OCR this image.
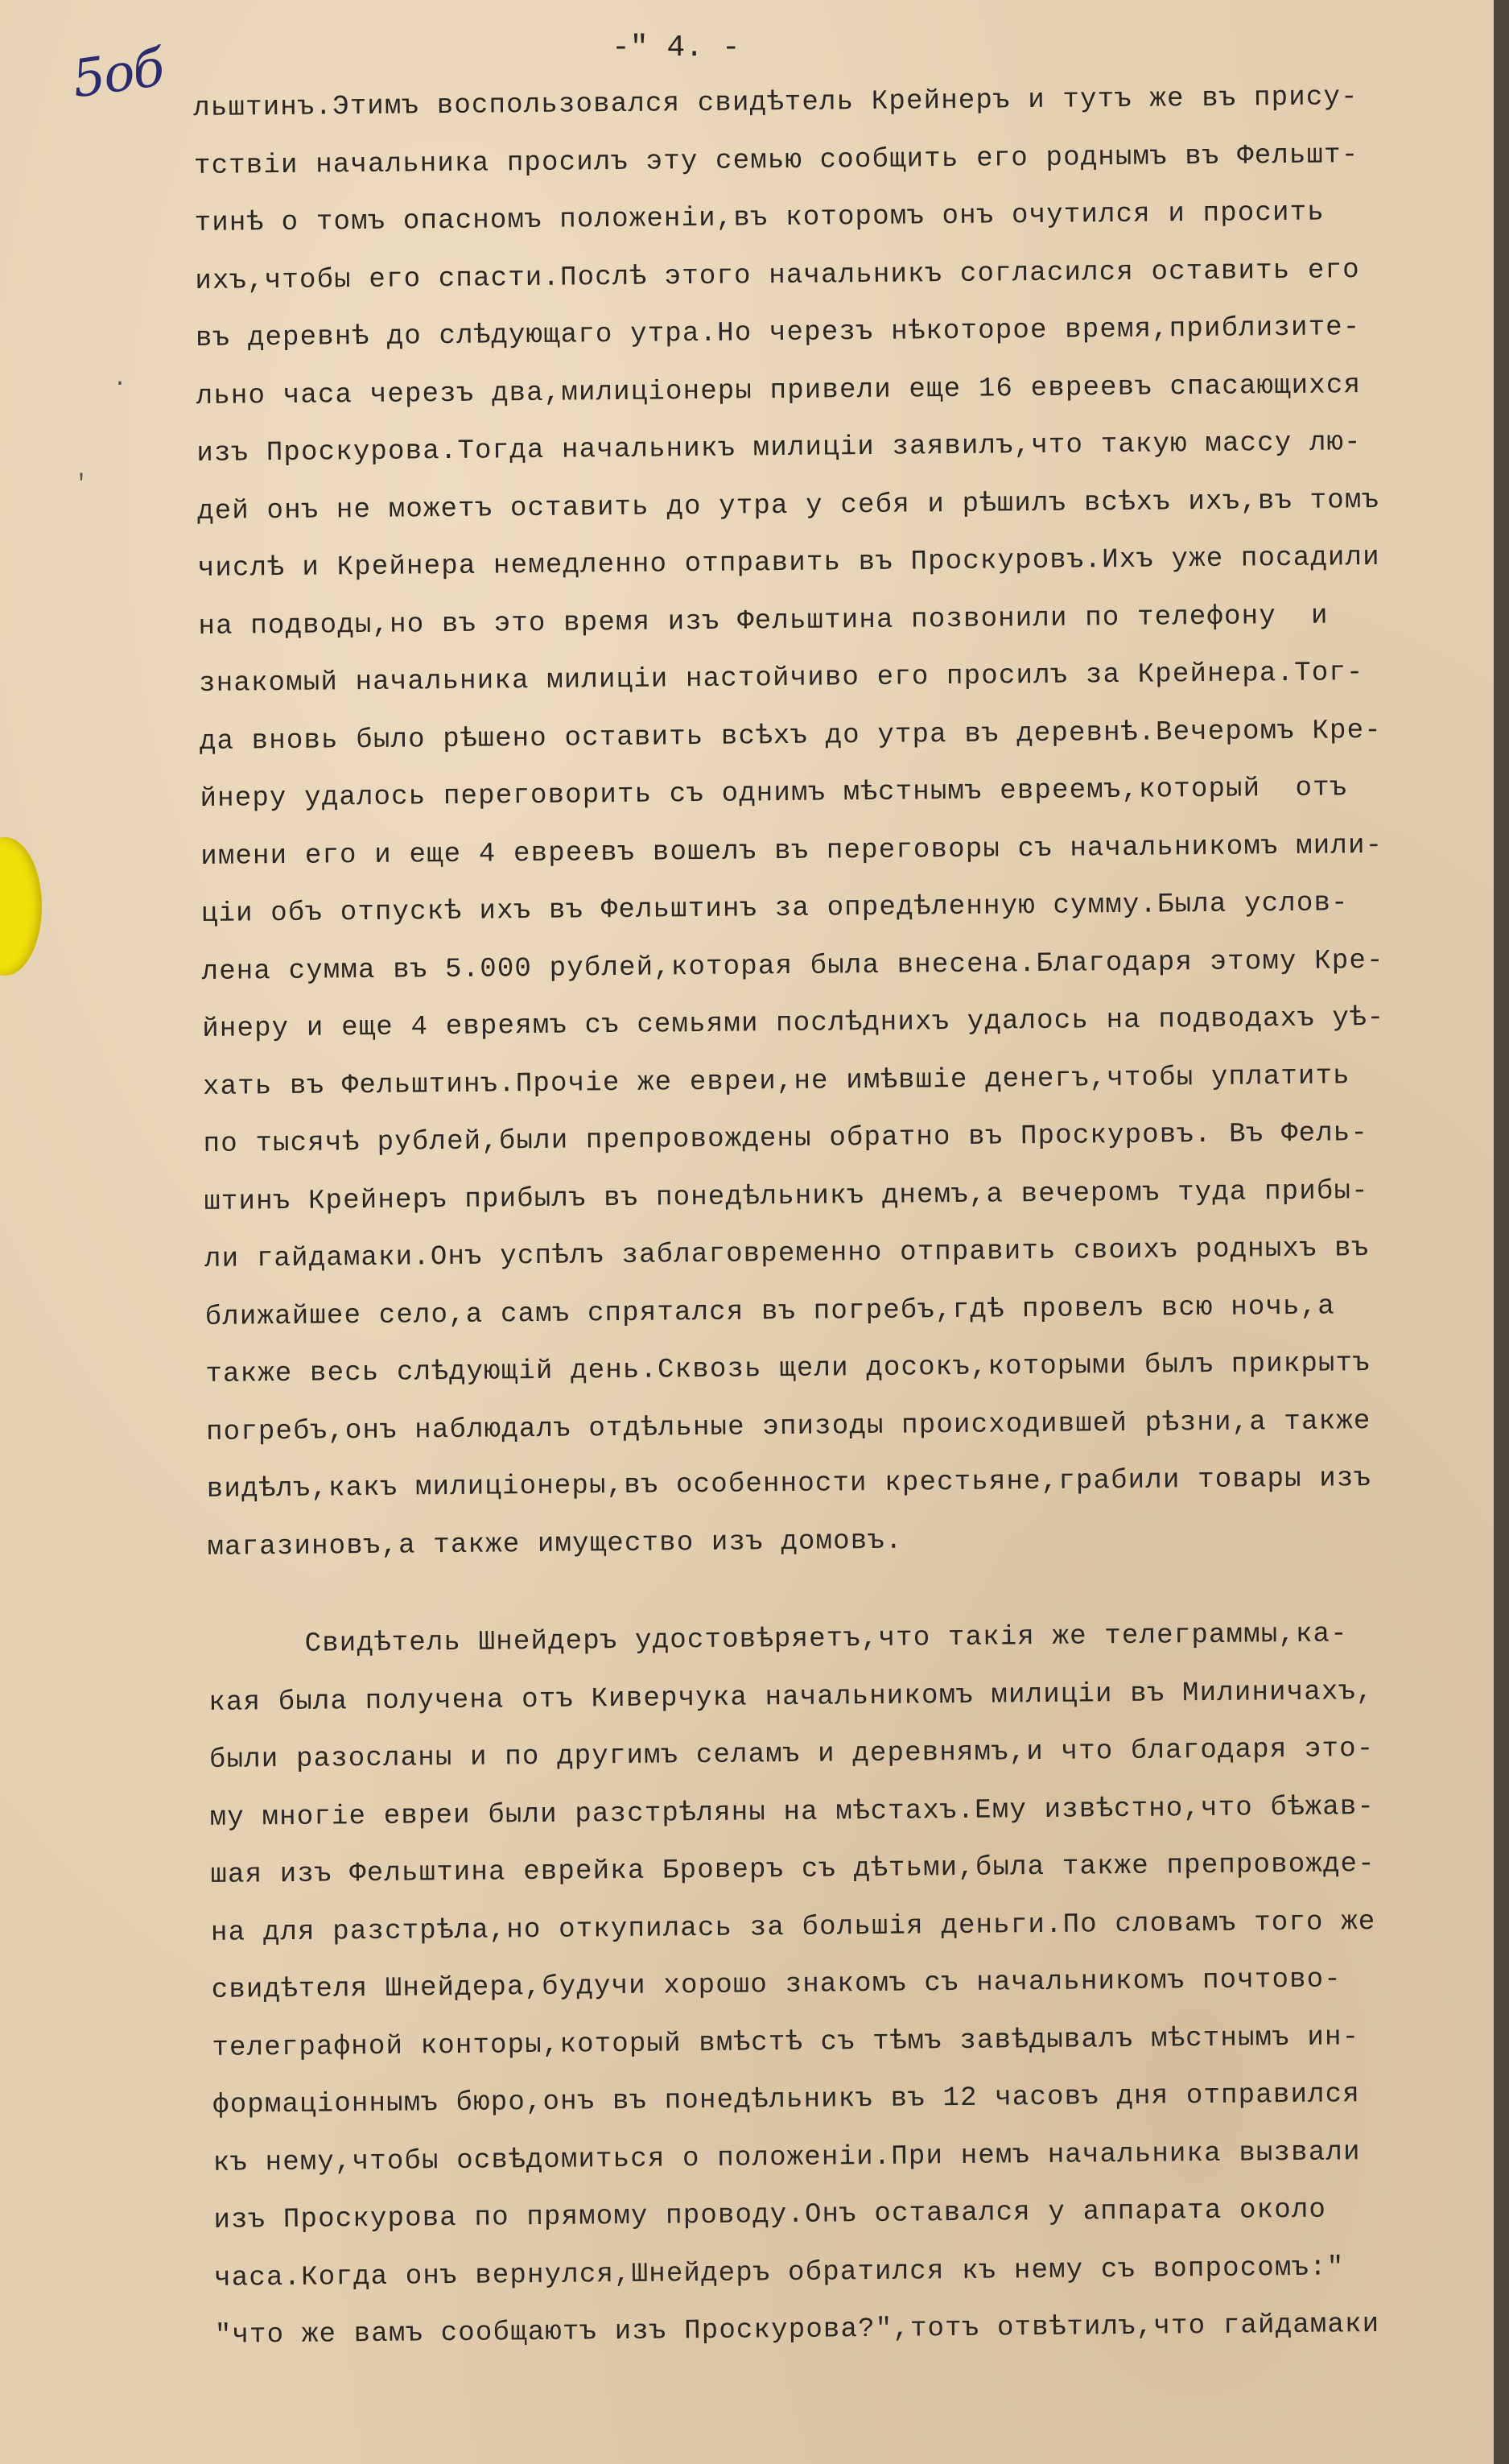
5об	-" 4. -
·
'
льштинъ.Этимъ воспользовался свидѣтель Крейнеръ и тутъ же въ прису-
тствiи начальника просилъ эту семью сообщить его роднымъ въ Фельшт-
тинѣ о томъ опасномъ положенiи,въ которомъ онъ очутился и просить
ихъ,чтобы его спасти.Послѣ этого начальникъ согласился оставить его
въ деревнѣ до слѣдующаго утра.Но черезъ нѣкоторое время,приблизите-
льно часа черезъ два,милицiонеры привели еще 16 евреевъ спасающихся
изъ Проскурова.Тогда начальникъ милицiи заявилъ,что такую массу лю-
дей онъ не можетъ оставить до утра у себя и рѣшилъ всѣхъ ихъ,въ томъ
числѣ и Крейнера немедленно отправить въ Проскуровъ.Ихъ уже посадили
на подводы,но въ это время изъ Фельштина позвонили по телефону  и
знакомый начальника милицiи настойчиво его просилъ за Крейнера.Тог-
да вновь было рѣшено оставить всѣхъ до утра въ деревнѣ.Вечеромъ Кре-
йнеру удалось переговорить съ однимъ мѣстнымъ евреемъ,который  отъ
имени его и еще 4 евреевъ вошелъ въ переговоры съ начальникомъ мили-
цiи объ отпускѣ ихъ въ Фельштинъ за опредѣленную сумму.Была услов-
лена сумма въ 5.000 рублей,которая была внесена.Благодаря этому Кре-
йнеру и еще 4 евреямъ съ семьями послѣднихъ удалось на подводахъ уѣ-
хать въ Фельштинъ.Прочiе же евреи,не имѣвшiе денегъ,чтобы уплатить
по тысячѣ рублей,были препровождены обратно въ Проскуровъ. Въ Фель-
штинъ Крейнеръ прибылъ въ понедѣльникъ днемъ,а вечеромъ туда прибы-
ли гайдамаки.Онъ успѣлъ заблаговременно отправить своихъ родныхъ въ
ближайшее село,а самъ спрятался въ погребъ,гдѣ провелъ всю ночь,а
также весь слѣдующiй день.Сквозь щели досокъ,которыми былъ прикрытъ
погребъ,онъ наблюдалъ отдѣльные эпизоды происходившей рѣзни,а также
видѣлъ,какъ милицiонеры,въ особенности крестьяне,грабили товары изъ
магазиновъ,а также имущество изъ домовъ.
Свидѣтель Шнейдеръ удостовѣряетъ,что такiя же телеграммы,ка-
кая была получена отъ Киверчука начальникомъ милицiи въ Милиничахъ,
были разосланы и по другимъ селамъ и деревнямъ,и что благодаря это-
му многiе евреи были разстрѣляны на мѣстахъ.Ему извѣстно,что бѣжав-
шая изъ Фельштина еврейка Броверъ съ дѣтьми,была также препровожде-
на для разстрѣла,но откупилась за большiя деньги.По словамъ того же
свидѣтеля Шнейдера,будучи хорошо знакомъ съ начальникомъ почтово-
телеграфной конторы,который вмѣстѣ съ тѣмъ завѣдывалъ мѣстнымъ ин-
формацiоннымъ бюро,онъ въ понедѣльникъ въ 12 часовъ дня отправился
къ нему,чтобы освѣдомиться о положенiи.При немъ начальника вызвали
изъ Проскурова по прямому проводу.Онъ оставался у аппарата около
часа.Когда онъ вернулся,Шнейдеръ обратился къ нему съ вопросомъ:"
"что же вамъ сообщаютъ изъ Проскурова?",тотъ отвѣтилъ,что гайдамаки
